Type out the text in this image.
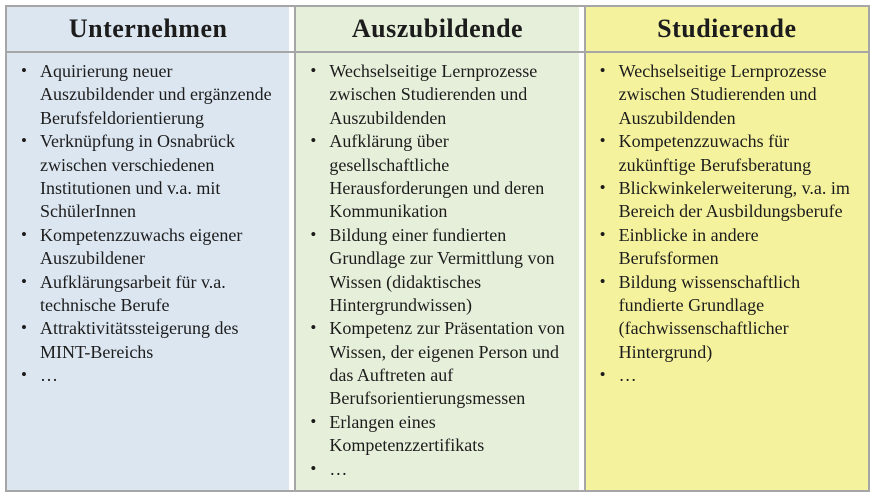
Unternehmen	Auszubildende	Studierende
• Aquirierung neuer Auszubildender und ergänzende Berufsfeldorientierung
• Verknüpfung in Osnabrück zwischen verschiedenen Institutionen und v.a. mit SchülerInnen
• Kompetenzzuwachs eigener Auszubildener
• Aufklärungsarbeit für v.a. technische Berufe
• Attraktivitätssteigerung des MINT-Bereichs
• …
• Wechselseitige Lernprozesse zwischen Studierenden und Auszubildenden
• Aufklärung über gesellschaftliche Herausforderungen und deren Kommunikation
• Bildung einer fundierten Grundlage zur Vermittlung von Wissen (didaktisches Hintergrundwissen)
• Kompetenz zur Präsentation von Wissen, der eigenen Person und das Auftreten auf Berufsorientierungsmessen
• Erlangen eines Kompetenzzertifikats
• …
• Wechselseitige Lernprozesse zwischen Studierenden und Auszubildenden
• Kompetenzzuwachs für zukünftige Berufsberatung
• Blickwinkelerweiterung, v.a. im Bereich der Ausbildungsberufe
• Einblicke in andere Berufsformen
• Bildung wissenschaftlich fundierte Grundlage (fachwissenschaftlicher Hintergrund)
• …
